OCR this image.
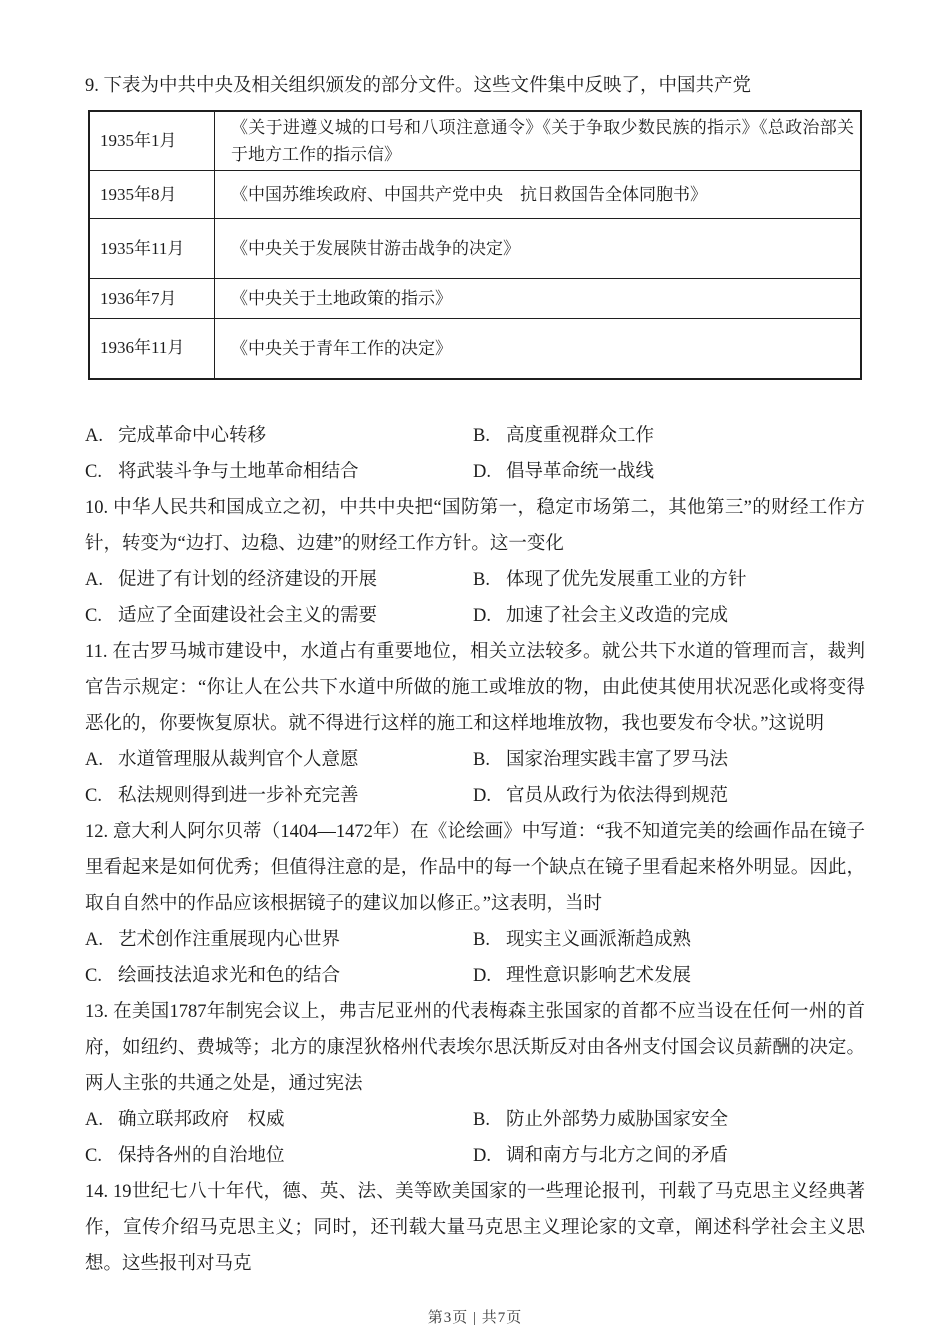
9. 下表为中共中央及相关组织颁发的部分文件。这些文件集中反映了，中国共产党

1935年1月	《关于进遵义城的口号和八项注意通令》《关于争取少数民族的指示》《总政治部关于地方工作的指示信》
1935年8月	《中国苏维埃政府、中国共产党中央　抗日救国告全体同胞书》
1935年11月	《中央关于发展陕甘游击战争的决定》
1936年7月	《中央关于土地政策的指示》
1936年11月	《中央关于青年工作的决定》
A. 完成革命中心转移	B. 高度重视群众工作
C. 将武装斗争与土地革命相结合	D. 倡导革命统一战线

10. 中华人民共和国成立之初，中共中央把“国防第一，稳定市场第二，其他第三”的财经工作方针，转变为“边打、边稳、边建”的财经工作方针。这一变化

A. 促进了有计划的经济建设的开展	B. 体现了优先发展重工业的方针
C. 适应了全面建设社会主义的需要	D. 加速了社会主义改造的完成

11. 在古罗马城市建设中，水道占有重要地位，相关立法较多。就公共下水道的管理而言，裁判官告示规定：“你让人在公共下水道中所做的施工或堆放的物，由此使其使用状况恶化或将变得恶化的，你要恢复原状。就不得进行这样的施工和这样地堆放物，我也要发布令状。”这说明

A. 水道管理服从裁判官个人意愿	B. 国家治理实践丰富了罗马法
C. 私法规则得到进一步补充完善	D. 官员从政行为依法得到规范

12. 意大利人阿尔贝蒂（1404—1472年）在《论绘画》中写道：“我不知道完美的绘画作品在镜子里看起来是如何优秀；但值得注意的是，作品中的每一个缺点在镜子里看起来格外明显。因此，取自自然中的作品应该根据镜子的建议加以修正。”这表明，当时

A. 艺术创作注重展现内心世界	B. 现实主义画派渐趋成熟
C. 绘画技法追求光和色的结合	D. 理性意识影响艺术发展

13. 在美国1787年制宪会议上，弗吉尼亚州的代表梅森主张国家的首都不应当设在任何一州的首府，如纽约、费城等；北方的康涅狄格州代表埃尔思沃斯反对由各州支付国会议员薪酬的决定。两人主张的共通之处是，通过宪法

A. 确立联邦政府　权威	B. 防止外部势力威胁国家安全
C. 保持各州的自治地位	D. 调和南方与北方之间的矛盾

14. 19世纪七八十年代，德、英、法、美等欧美国家的一些理论报刊，刊载了马克思主义经典著作，宣传介绍马克思主义；同时，还刊载大量马克思主义理论家的文章，阐述科学社会主义思想。这些报刊对马克

第3页 | 共7页
